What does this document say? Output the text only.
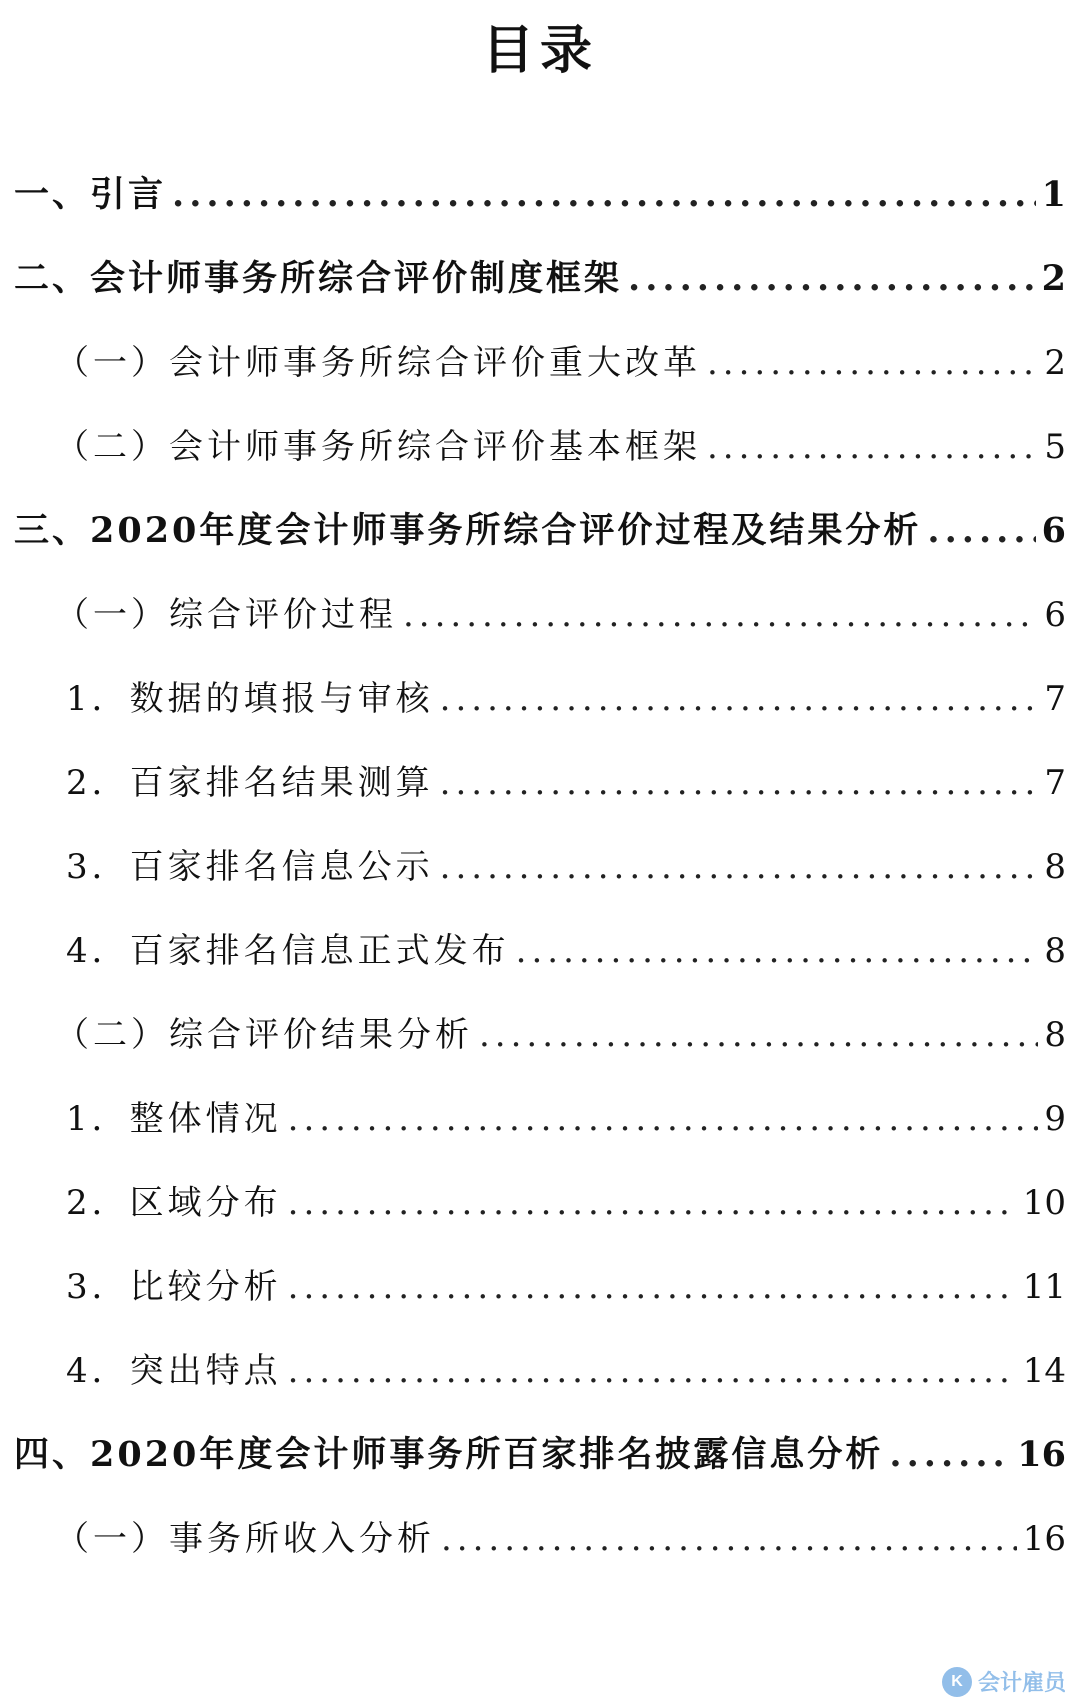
目录
一、引言 .....	1
二、会计师事务所综合评价制度框架 .....	2
（一）会计师事务所综合评价重大改革 .....	2
（二）会计师事务所综合评价基本框架 .....	5
三、2020年度会计师事务所综合评价过程及结果分析 .....	6
（一）综合评价过程 .....	6
1．数据的填报与审核 .....	7
2．百家排名结果测算 .....	7
3．百家排名信息公示 .....	8
4．百家排名信息正式发布 .....	8
（二）综合评价结果分析 .....	8
1．整体情况 .....	9
2．区域分布 .....	10
3．比较分析 .....	11
4．突出特点 .....	14
四、2020年度会计师事务所百家排名披露信息分析 .....	16
（一）事务所收入分析 .....	16
K 会计雇员
